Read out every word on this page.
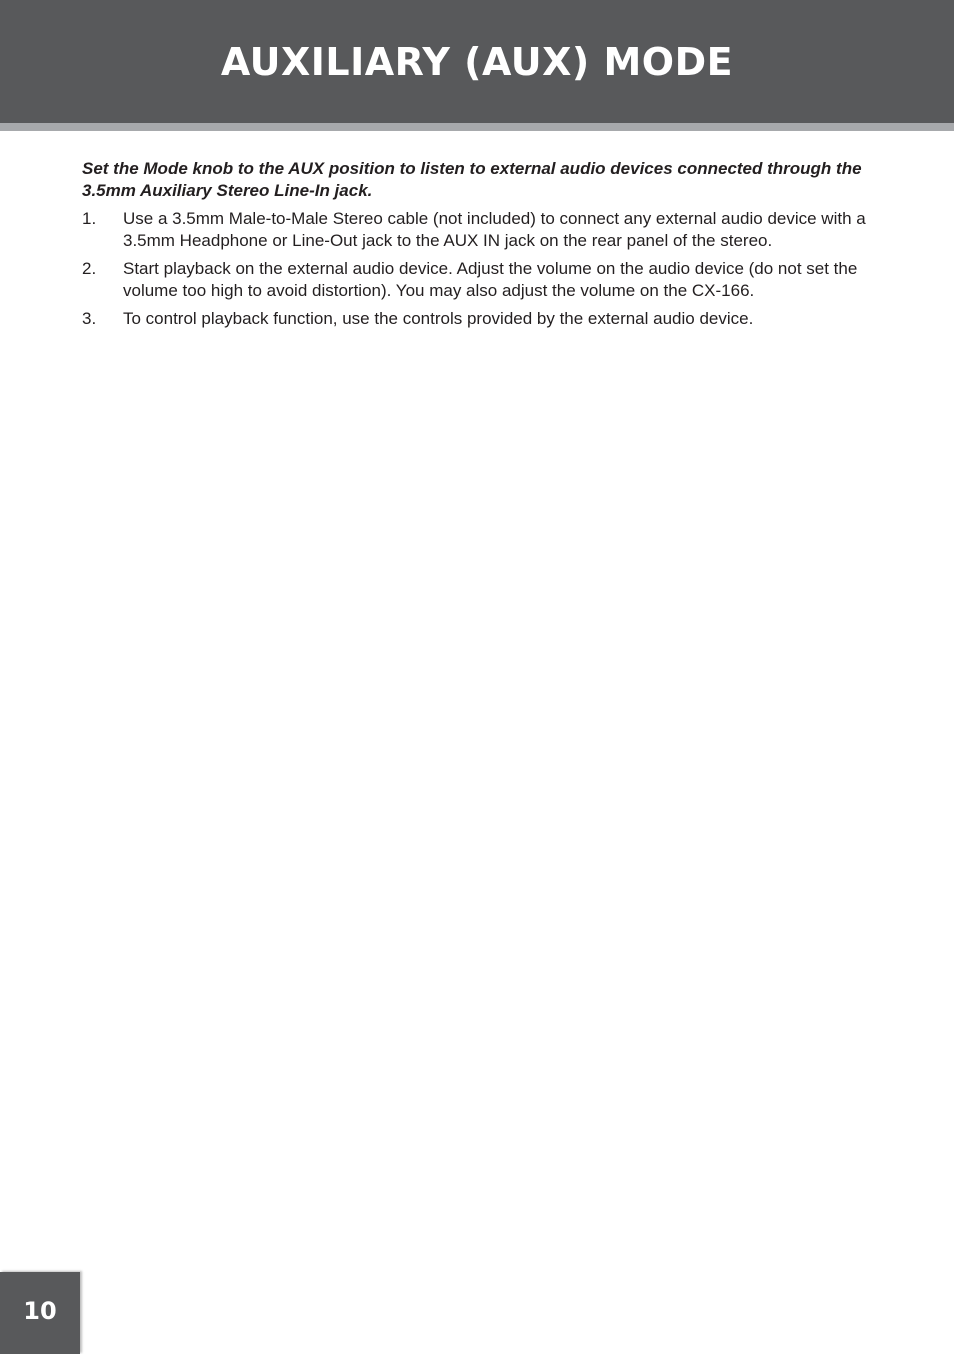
AUXILIARY (AUX) MODE

Set the Mode knob to the AUX position to listen to external audio devices connected through the 3.5mm Auxiliary Stereo Line-In jack.

1. Use a 3.5mm Male-to-Male Stereo cable (not included) to connect any external audio device with a 3.5mm Headphone or Line-Out jack to the AUX IN jack on the rear panel of the stereo.
2. Start playback on the external audio device. Adjust the volume on the audio device (do not set the volume too high to avoid distortion). You may also adjust the volume on the CX-166.
3. To control playback function, use the controls provided by the external audio device.
10
